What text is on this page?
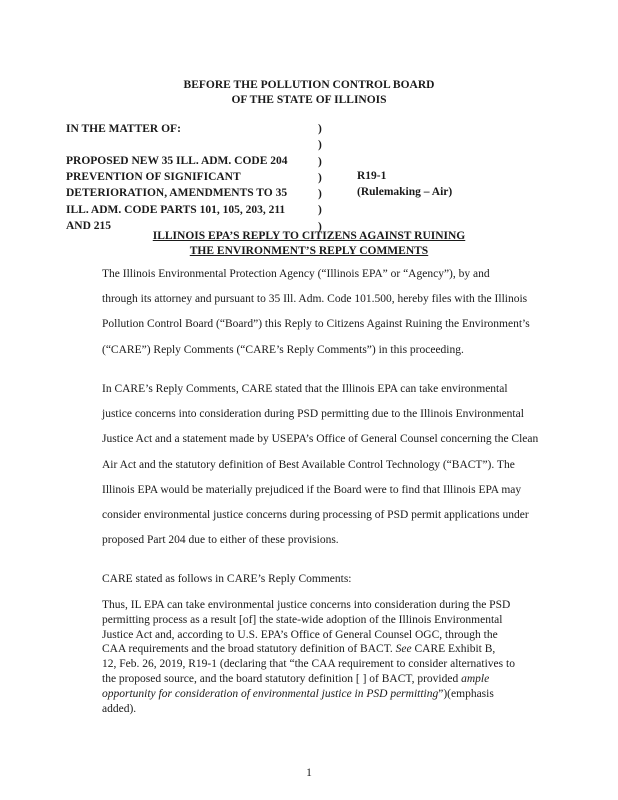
BEFORE THE POLLUTION CONTROL BOARD
OF THE STATE OF ILLINOIS
IN THE MATTER OF:
PROPOSED NEW 35 ILL. ADM. CODE 204
PREVENTION OF SIGNIFICANT
DETERIORATION, AMENDMENTS TO 35
ILL. ADM. CODE PARTS 101, 105, 203, 211
AND 215
)
)
)
)
)
)
)
R19-1
(Rulemaking – Air)
ILLINOIS EPA’S REPLY TO CITIZENS AGAINST RUINING
THE ENVIRONMENT’S REPLY COMMENTS
The Illinois Environmental Protection Agency (“Illinois EPA” or “Agency”), by and
through its attorney and pursuant to 35 Ill. Adm. Code 101.500, hereby files with the Illinois
Pollution Control Board (“Board”) this Reply to Citizens Against Ruining the Environment’s
(“CARE”) Reply Comments (“CARE’s Reply Comments”) in this proceeding.
In CARE’s Reply Comments, CARE stated that the Illinois EPA can take environmental
justice concerns into consideration during PSD permitting due to the Illinois Environmental
Justice Act and a statement made by USEPA’s Office of General Counsel concerning the Clean
Air Act and the statutory definition of Best Available Control Technology (“BACT”). The
Illinois EPA would be materially prejudiced if the Board were to find that Illinois EPA may
consider environmental justice concerns during processing of PSD permit applications under
proposed Part 204 due to either of these provisions.
CARE stated as follows in CARE’s Reply Comments:
Thus, IL EPA can take environmental justice concerns into consideration during the PSD
permitting process as a result [of] the state-wide adoption of the Illinois Environmental
Justice Act and, according to U.S. EPA’s Office of General Counsel OGC, through the
CAA requirements and the broad statutory definition of BACT. See CARE Exhibit B,
12, Feb. 26, 2019, R19-1 (declaring that “the CAA requirement to consider alternatives to
the proposed source, and the board statutory definition [ ] of BACT, provided ample
opportunity for consideration of environmental justice in PSD permitting”)(emphasis
added).
1
